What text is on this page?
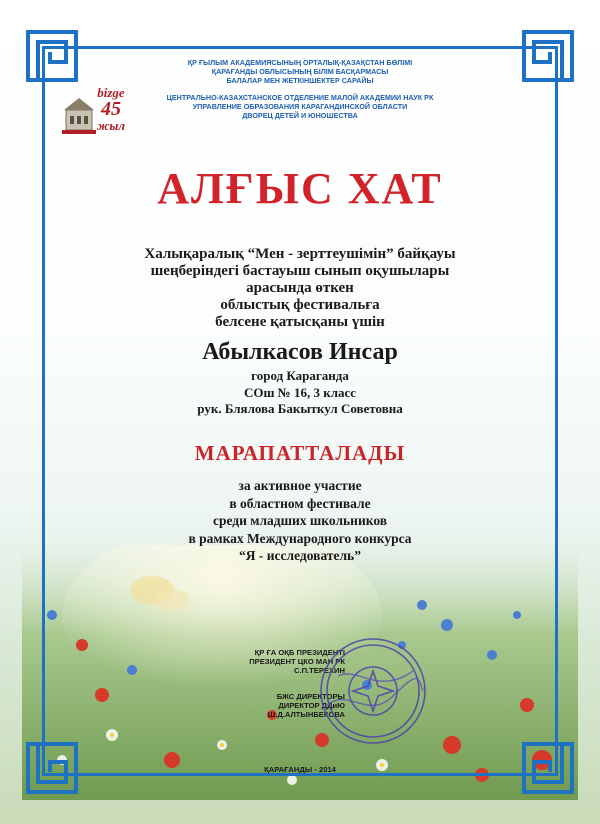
ҚР ҒЫЛЫМ АКАДЕМИЯСЫНЫҢ ОРТАЛЫҚ-ҚАЗАҚСТАН БӨЛІМІ
ҚАРАҒАНДЫ ОБЛЫСЫНЫҢ БІЛІМ БАСҚАРМАСЫ
БАЛАЛАР МЕН ЖЕТКІНШЕКТЕР САРАЙЫ
ЦЕНТРАЛЬНО-КАЗАХСТАНСКОЕ ОТДЕЛЕНИЕ МАЛОЙ АКАДЕМИИ НАУК РК
УПРАВЛЕНИЕ ОБРАЗОВАНИЯ КАРАГАНДИНСКОЙ ОБЛАСТИ
ДВОРЕЦ ДЕТЕЙ И ЮНОШЕСТВА
bizge
45
жыл
АЛҒЫС ХАТ
Халықаралық “Мен - зерттеушімін” байқауы
шеңберіндегі бастауыш сынып оқушылары
арасында өткен
облыстық фестивальға
белсене қатысқаны үшін
Абылкасов Инсар
город Караганда
СОш № 16, 3 класс
рук. Блялова Бакыткул Советовна
МАРАПАТТАЛАДЫ
за активное участие
в областном фестивале
среди младших школьников
в рамках Международного конкурса
“Я - исследователь”
ҚР ҒА ОҚБ ПРЕЗИДЕНТІ
ПРЕЗИДЕНТ ЦКО МАН РК
С.П.ТЕРЕХИН
БЖС ДИРЕКТОРЫ
ДИРЕКТОР ДДиЮ
Ш.Д.АЛТЫНБЕКОВА
ҚАРАҒАНДЫ - 2014
